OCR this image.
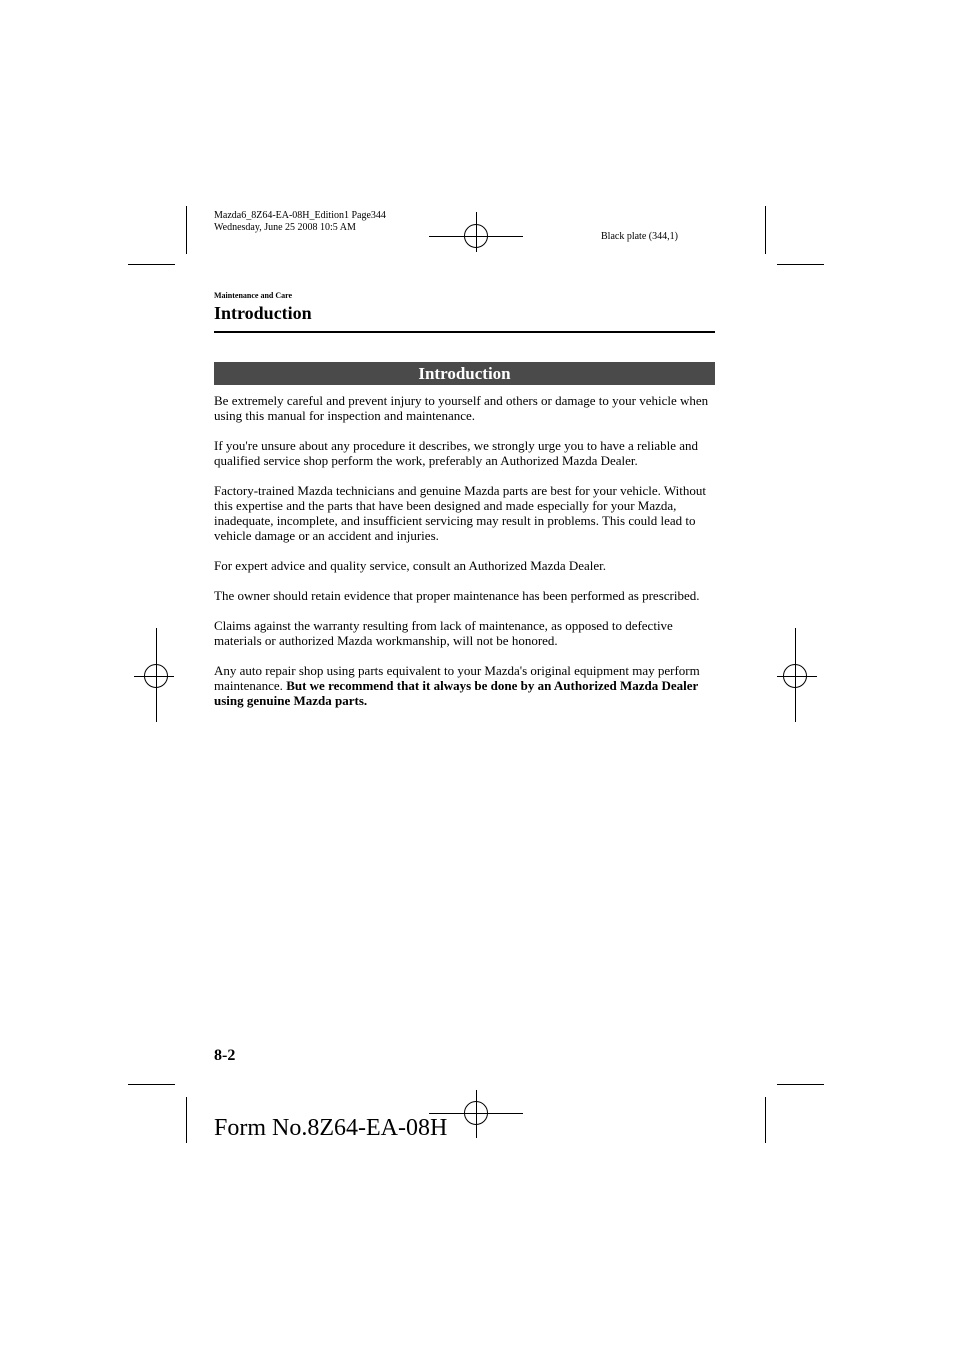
Mazda6_8Z64-EA-08H_Edition1 Page344
Wednesday, June 25 2008 10:5 AM
Black plate (344,1)
Maintenance and Care
Introduction
Introduction

Be extremely careful and prevent injury to yourself and others or damage to your vehicle when using this manual for inspection and maintenance.

If you're unsure about any procedure it describes, we strongly urge you to have a reliable and qualified service shop perform the work, preferably an Authorized Mazda Dealer.

Factory-trained Mazda technicians and genuine Mazda parts are best for your vehicle. Without this expertise and the parts that have been designed and made especially for your Mazda, inadequate, incomplete, and insufficient servicing may result in problems. This could lead to vehicle damage or an accident and injuries.

For expert advice and quality service, consult an Authorized Mazda Dealer.

The owner should retain evidence that proper maintenance has been performed as prescribed.

Claims against the warranty resulting from lack of maintenance, as opposed to defective materials or authorized Mazda workmanship, will not be honored.

Any auto repair shop using parts equivalent to your Mazda's original equipment may perform maintenance. But we recommend that it always be done by an Authorized Mazda Dealer using genuine Mazda parts.

8-2
Form No.8Z64-EA-08H
